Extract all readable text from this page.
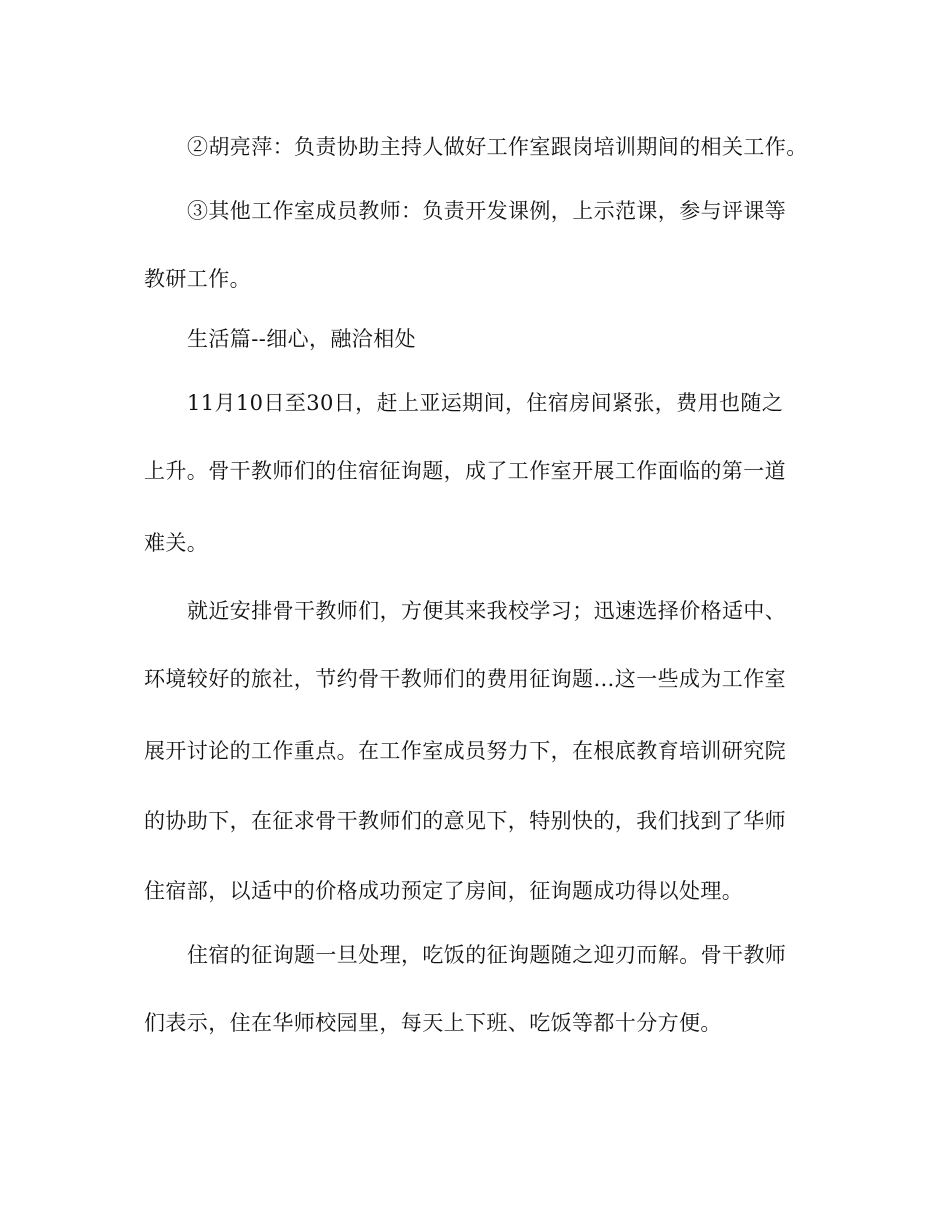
②胡亮萍：负责协助主持人做好工作室跟岗培训期间的相关工作。
③其他工作室成员教师：负责开发课例，上示范课，参与评课等
教研工作。
生活篇--细心，融洽相处
11月10日至30日，赶上亚运期间，住宿房间紧张，费用也随之
上升。骨干教师们的住宿征询题，成了工作室开展工作面临的第一道
难关。
就近安排骨干教师们，方便其来我校学习；迅速选择价格适中、
环境较好的旅社，节约骨干教师们的费用征询题…这一些成为工作室
展开讨论的工作重点。在工作室成员努力下，在根底教育培训研究院
的协助下，在征求骨干教师们的意见下，特别快的，我们找到了华师
住宿部，以适中的价格成功预定了房间，征询题成功得以处理。
住宿的征询题一旦处理，吃饭的征询题随之迎刃而解。骨干教师
们表示，住在华师校园里，每天上下班、吃饭等都十分方便。
